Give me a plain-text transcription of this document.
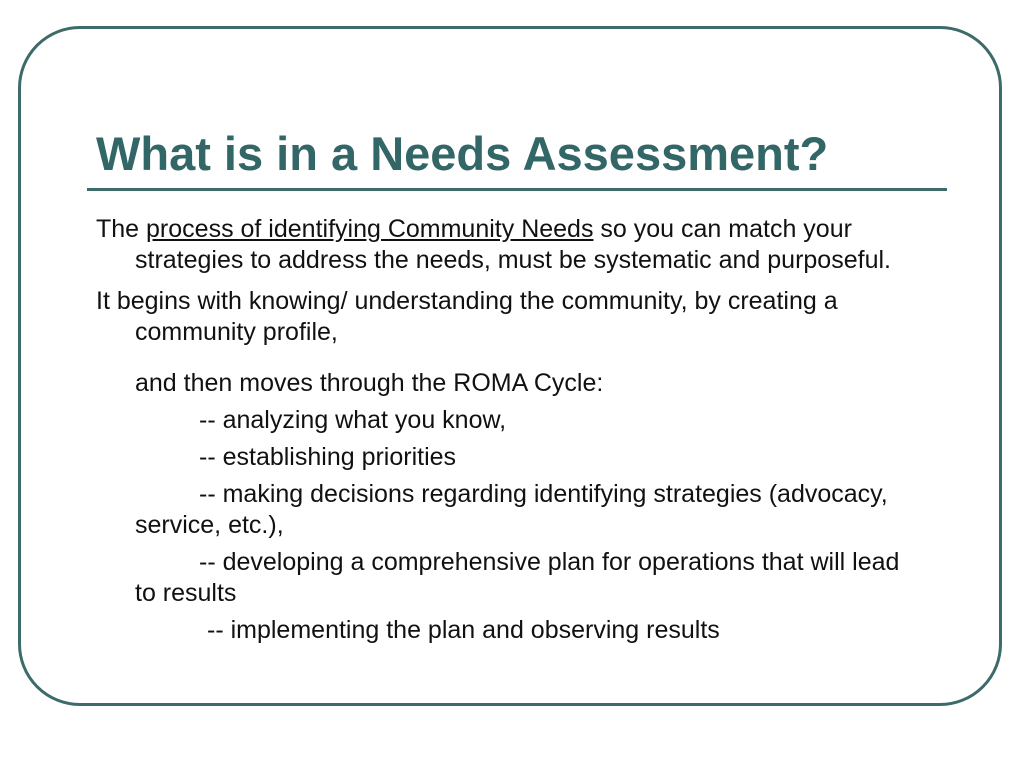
What is in a Needs Assessment?

The process of identifying Community Needs so you can match your strategies to address the needs, must be systematic and purposeful.

It begins with knowing/ understanding the community, by creating a community profile,

and then moves through the ROMA Cycle:

-- analyzing what you know,

-- establishing priorities

-- making decisions regarding identifying strategies (advocacy, service, etc.),

-- developing a comprehensive plan for operations that will lead to results

-- implementing the plan and observing results
